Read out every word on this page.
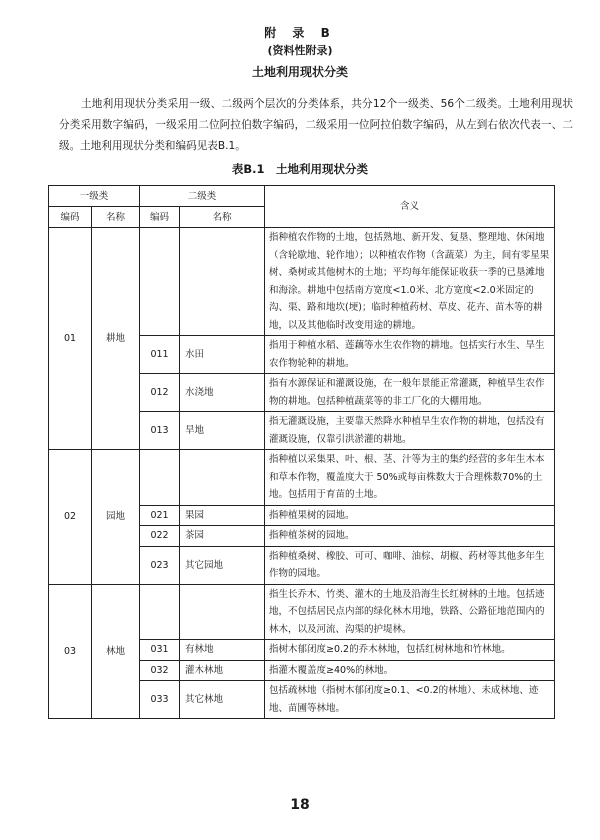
附 录 B
(资料性附录)
土地利用现状分类

土地利用现状分类采用一级、二级两个层次的分类体系，共分12个一级类、56个二级类。土地利用现状分类采用数字编码，一级采用二位阿拉伯数字编码，二级采用一位阿拉伯数字编码，从左到右依次代表一、二级。土地利用现状分类和编码见表B.1。

表B.1　土地利用现状分类
一级类		二级类		含义
编码	名称	编码	名称	
01	耕地			指种植农作物的土地，包括熟地、新开发、复垦、整理地、休闲地（含轮歇地、轮作地）；以种植农作物（含蔬菜）为主，间有零星果树、桑树或其他树木的土地；平均每年能保证收获一季的已垦滩地和海涂。耕地中包括南方宽度<1.0米、北方宽度<2.0米固定的沟、渠、路和地坎(埂)；临时种植药材、草皮、花卉、苗木等的耕地，以及其他临时改变用途的耕地。
		011	水田	指用于种植水稻、莲藕等水生农作物的耕地。包括实行水生、旱生农作物轮种的耕地。
		012	水浇地	指有水源保证和灌溉设施，在一般年景能正常灌溉，种植旱生农作物的耕地。包括种植蔬菜等的非工厂化的大棚用地。
		013	旱地	指无灌溉设施，主要靠天然降水种植旱生农作物的耕地，包括没有灌溉设施，仅靠引洪淤灌的耕地。
02	园地			指种植以采集果、叶、根、茎、汁等为主的集约经营的多年生木本和草本作物，覆盖度大于 50%或每亩株数大于合理株数70%的土地。包括用于育苗的土地。
		021	果园	指种植果树的园地。
		022	茶园	指种植茶树的园地。
		023	其它园地	指种植桑树、橡胶、可可、咖啡、油棕、胡椒、药材等其他多年生作物的园地。
03	林地			指生长乔木、竹类、灌木的土地及沿海生长红树林的土地。包括迹地，不包括居民点内部的绿化林木用地，铁路、公路征地范围内的林木，以及河流、沟渠的护堤林。
		031	有林地	指树木郁闭度≥0.2的乔木林地，包括红树林地和竹林地。
		032	灌木林地	指灌木覆盖度≥40%的林地。
		033	其它林地	包括疏林地（指树木郁闭度≥0.1、<0.2的林地）、未成林地、迹地、苗圃等林地。
18
